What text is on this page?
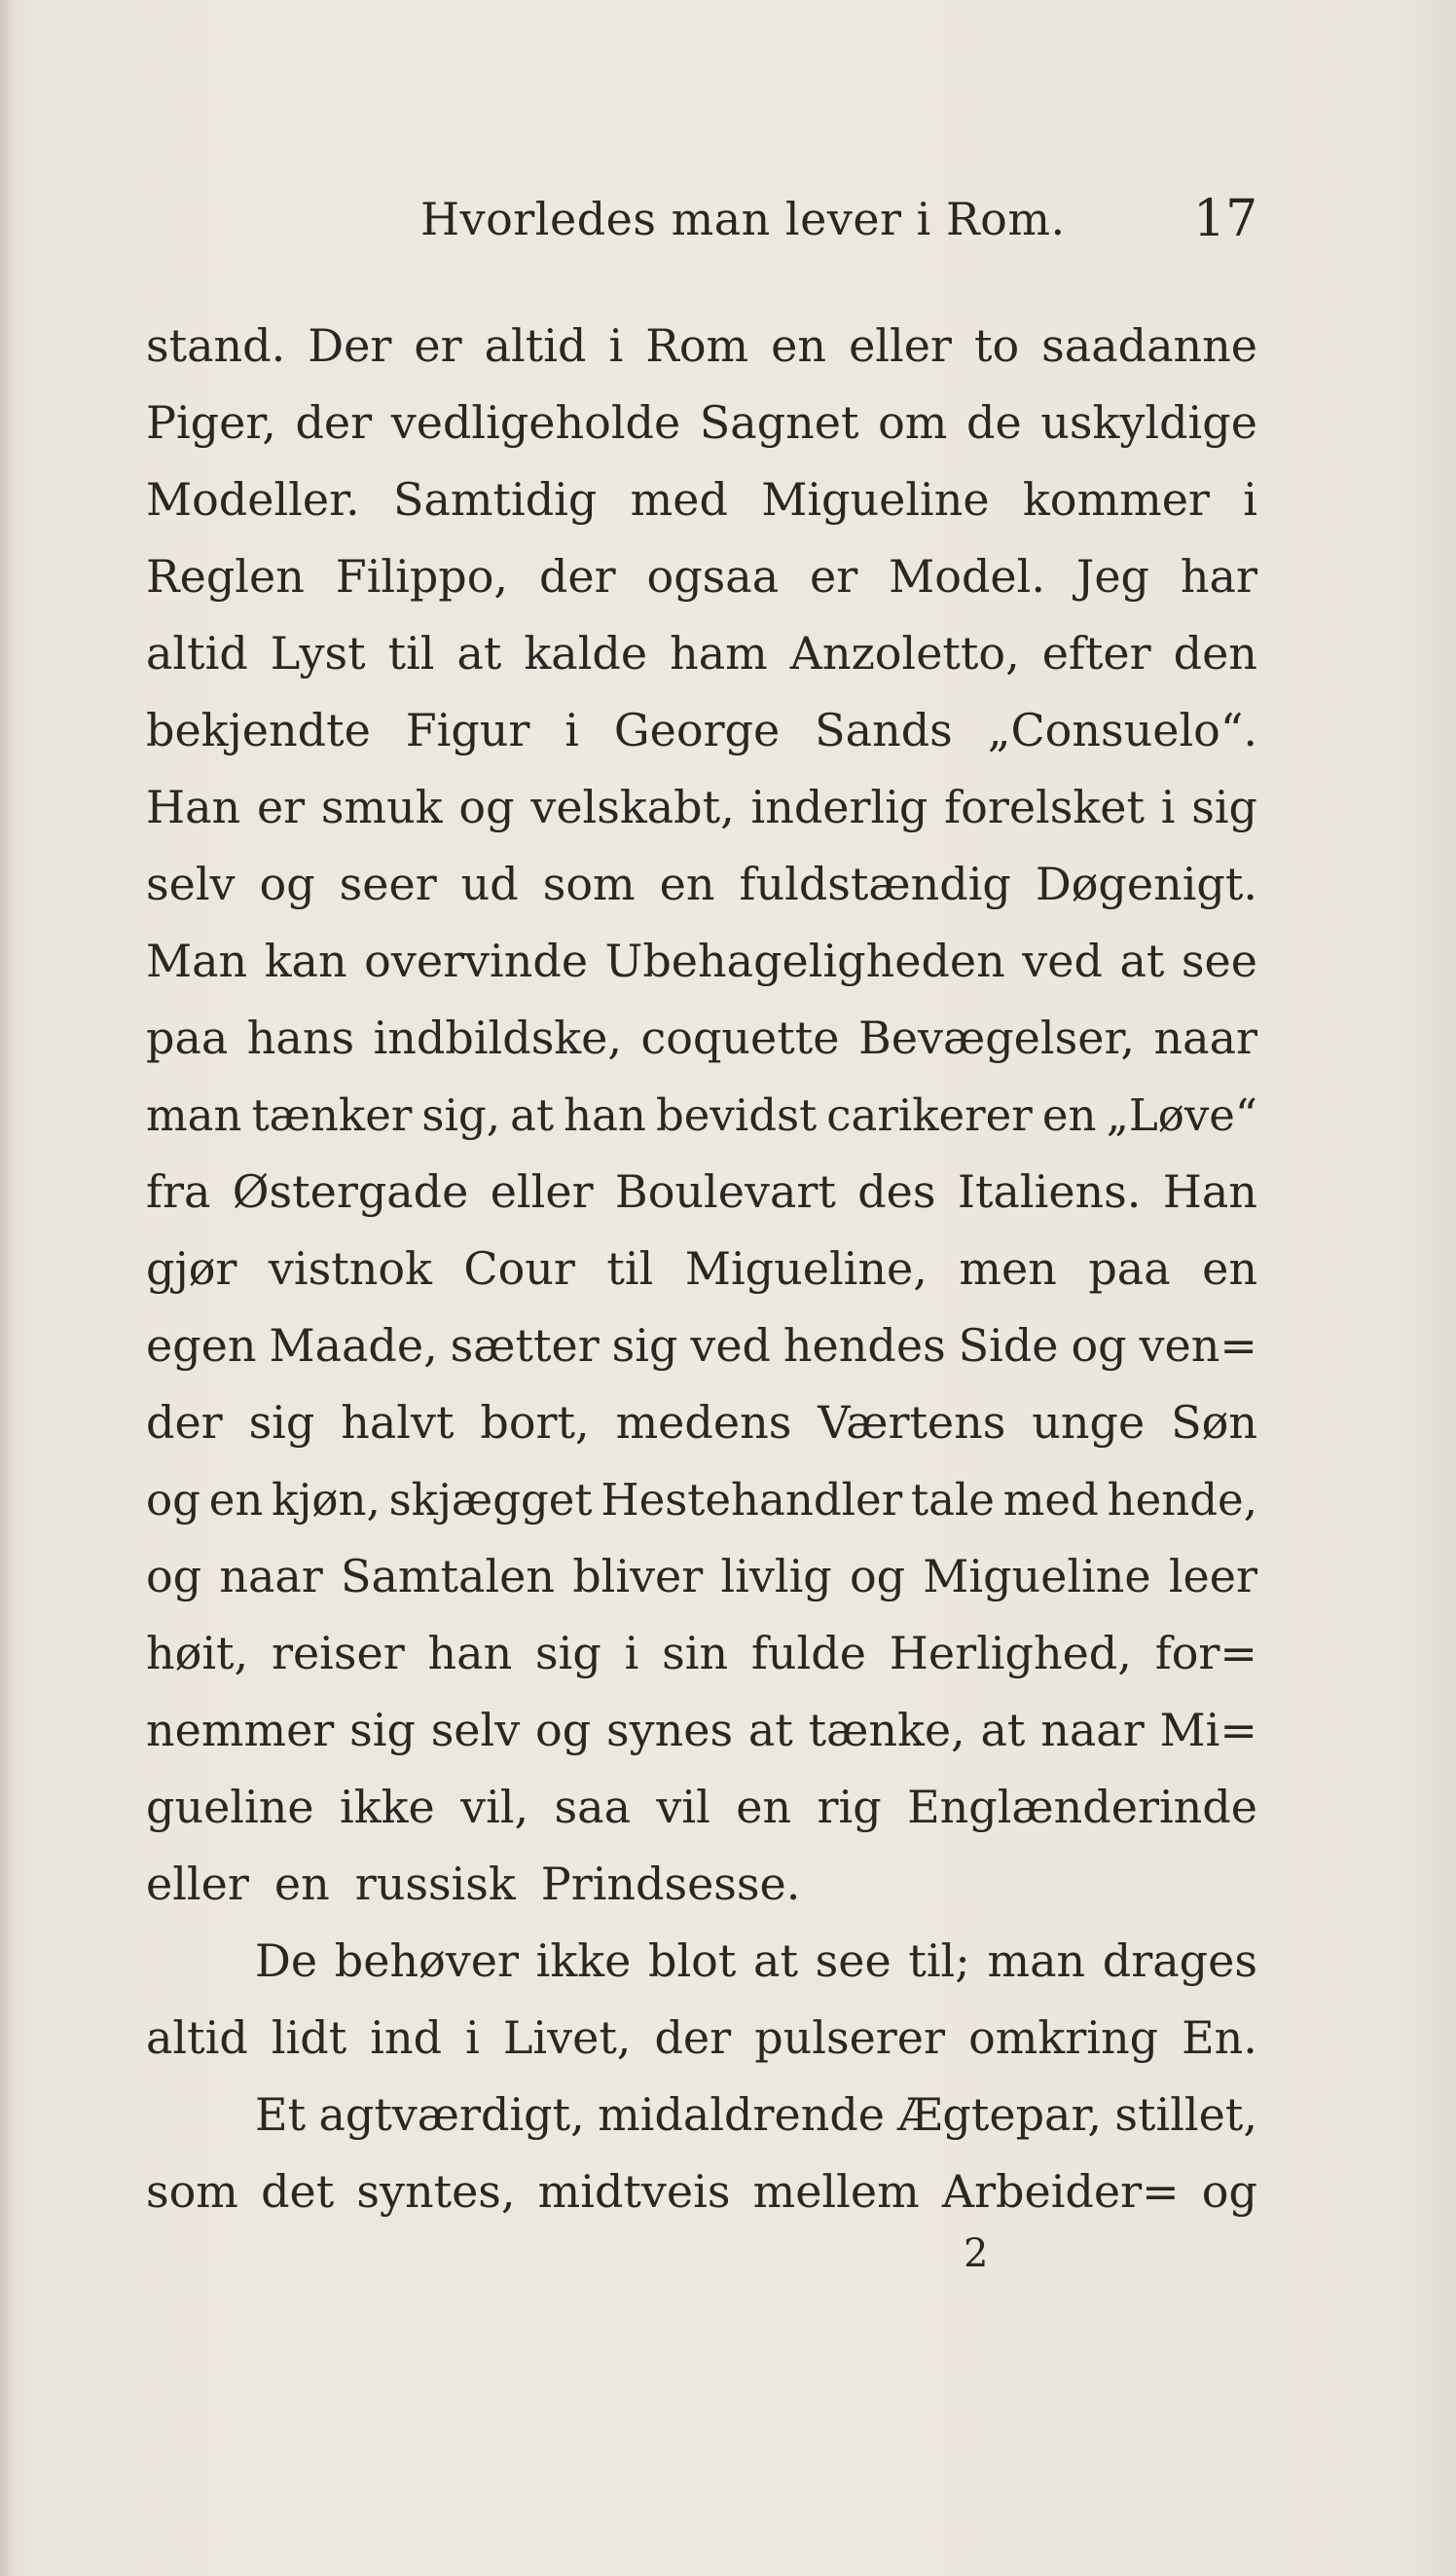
Hvorledes man lever i Rom.	17
stand. Der er altid i Rom en eller to saadanne
Piger, der vedligeholde Sagnet om de uskyldige
Modeller. Samtidig med Migueline kommer i
Reglen Filippo, der ogsaa er Model. Jeg har
altid Lyst til at kalde ham Anzoletto, efter den
bekjendte Figur i George Sands „Consuelo“.
Han er smuk og velskabt, inderlig forelsket i sig
selv og seer ud som en fuldstændig Døgenigt.
Man kan overvinde Ubehageligheden ved at see
paa hans indbildske, coquette Bevægelser, naar
man tænker sig, at han bevidst carikerer en „Løve“
fra Østergade eller Boulevart des Italiens. Han
gjør vistnok Cour til Migueline, men paa en
egen Maade, sætter sig ved hendes Side og ven=
der sig halvt bort, medens Værtens unge Søn
og en kjøn, skjægget Hestehandler tale med hende,
og naar Samtalen bliver livlig og Migueline leer
høit, reiser han sig i sin fulde Herlighed, for=
nemmer sig selv og synes at tænke, at naar Mi=
gueline ikke vil, saa vil en rig Englænderinde
eller en russisk Prindsesse.
De behøver ikke blot at see til; man drages
altid lidt ind i Livet, der pulserer omkring En.
Et agtværdigt, midaldrende Ægtepar, stillet,
som det syntes, midtveis mellem Arbeider= og
2
